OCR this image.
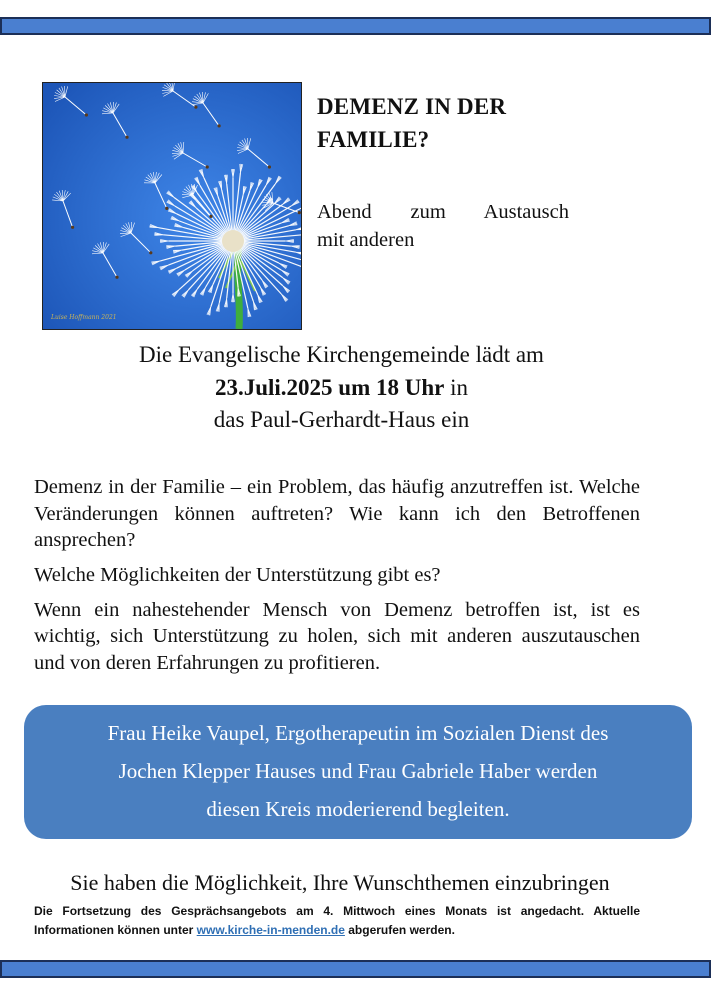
Luise Hoffmann 2021
DEMENZ IN DER FAMILIE?
Abend zum Austausch
mit anderen
Die Evangelische Kirchengemeinde lädt am
23.Juli.2025 um 18 Uhr in
das Paul-Gerhardt-Haus ein

Demenz in der Familie – ein Problem, das häufig anzutreffen ist. Welche Veränderungen können auftreten? Wie kann ich den Betroffenen ansprechen?

Welche Möglichkeiten der Unterstützung gibt es?

Wenn ein nahestehender Mensch von Demenz betroffen ist, ist es wichtig, sich Unterstützung zu holen, sich mit anderen auszutauschen und von deren Erfahrungen zu profitieren.

Frau Heike Vaupel, Ergotherapeutin im Sozialen Dienst des
Jochen Klepper Hauses und Frau Gabriele Haber werden
diesen Kreis moderierend begleiten.
Sie haben die Möglichkeit, Ihre Wunschthemen einzubringen
Die Fortsetzung des Gesprächsangebots am 4. Mittwoch eines Monats ist angedacht. Aktuelle Informationen können unter www.kirche-in-menden.de abgerufen werden.
